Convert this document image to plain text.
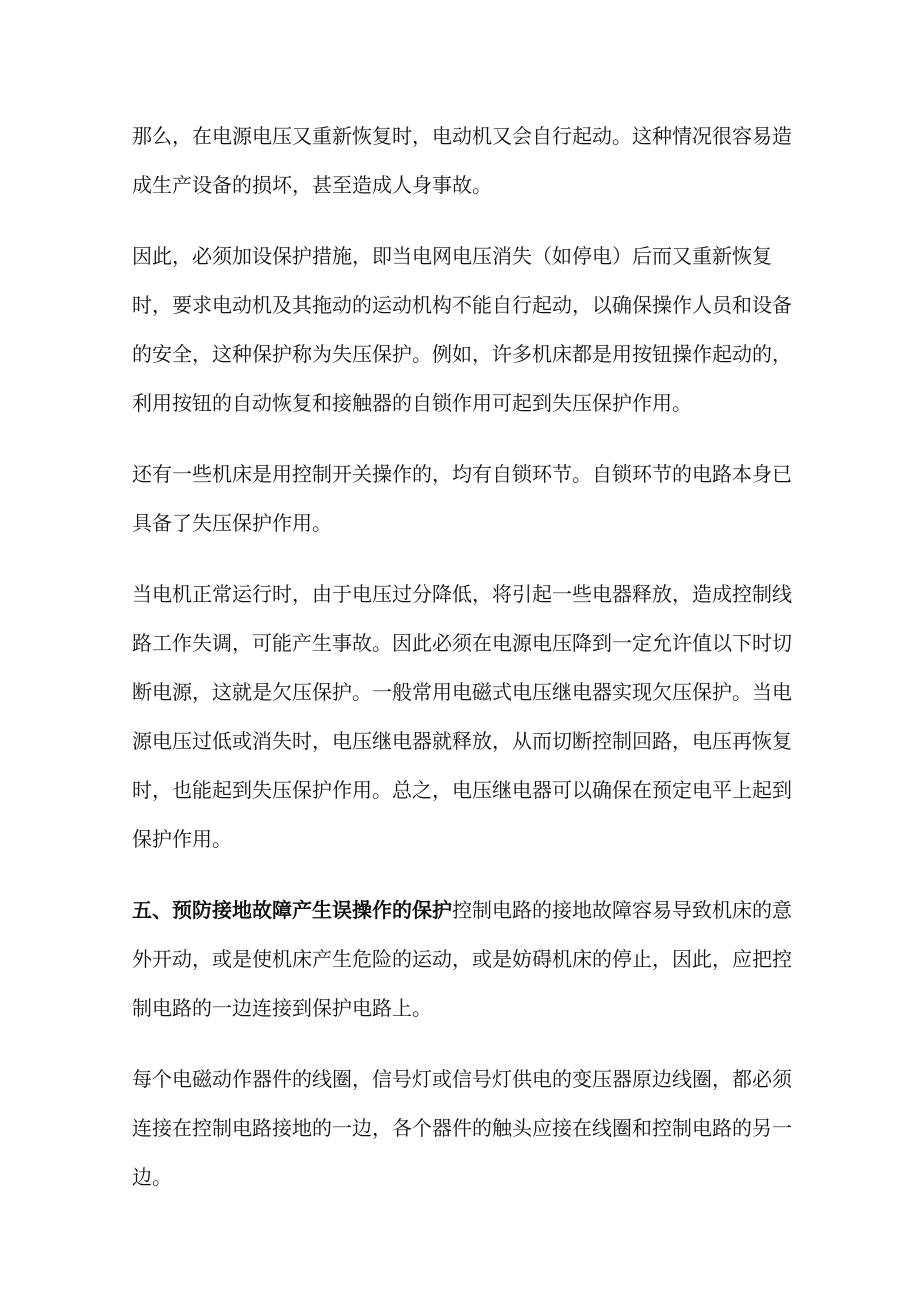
那么，在电源电压又重新恢复时，电动机又会自行起动。这种情况很容易造成生产设备的损坏，甚至造成人身事故。

因此，必须加设保护措施，即当电网电压消失（如停电）后而又重新恢复时，要求电动机及其拖动的运动机构不能自行起动，以确保操作人员和设备的安全，这种保护称为失压保护。例如，许多机床都是用按钮操作起动的，利用按钮的自动恢复和接触器的自锁作用可起到失压保护作用。

还有一些机床是用控制开关操作的，均有自锁环节。自锁环节的电路本身已具备了失压保护作用。

当电机正常运行时，由于电压过分降低，将引起一些电器释放，造成控制线路工作失调，可能产生事故。因此必须在电源电压降到一定允许值以下时切断电源，这就是欠压保护。一般常用电磁式电压继电器实现欠压保护。当电源电压过低或消失时，电压继电器就释放，从而切断控制回路，电压再恢复时，也能起到失压保护作用。总之，电压继电器可以确保在预定电平上起到保护作用。

五、预防接地故障产生误操作的保护控制电路的接地故障容易导致机床的意外开动，或是使机床产生危险的运动，或是妨碍机床的停止，因此，应把控制电路的一边连接到保护电路上。

每个电磁动作器件的线圈，信号灯或信号灯供电的变压器原边线圈，都必须连接在控制电路接地的一边，各个器件的触头应接在线圈和控制电路的另一边。
